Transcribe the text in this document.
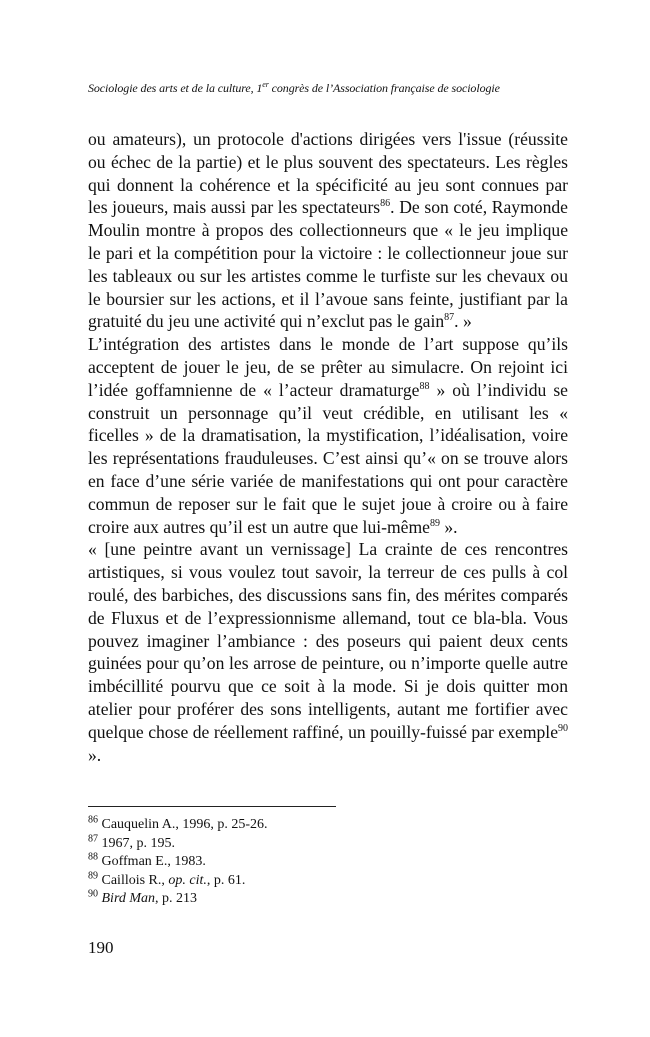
Sociologie des arts et de la culture, 1er congrès de l’Association française de sociologie

ou amateurs), un protocole d'actions dirigées vers l'issue (réussite ou échec de la partie) et le plus souvent des spectateurs. Les règles qui donnent la cohérence et la spécificité au jeu sont connues par les joueurs, mais aussi par les spectateurs$^{86}$. De son coté, Raymonde Moulin montre à propos des collectionneurs que « le jeu implique le pari et la compétition pour la victoire : le collectionneur joue sur les tableaux ou sur les artistes comme le turfiste sur les chevaux ou le boursier sur les actions, et il l’avoue sans feinte, justifiant par la gratuité du jeu une activité qui n’exclut pas le gain$^{87}$. »

L’intégration des artistes dans le monde de l’art suppose qu’ils acceptent de jouer le jeu, de se prêter au simulacre. On rejoint ici l’idée goffamnienne de « l’acteur dramaturge$^{88}$ » où l’individu se construit un personnage qu’il veut crédible, en utilisant les « ficelles » de la dramatisation, la mystification, l’idéalisation, voire les représentations frauduleuses. C’est ainsi qu’« on se trouve alors en face d’une série variée de manifestations qui ont pour caractère commun de reposer sur le fait que le sujet joue à croire ou à faire croire aux autres qu’il est un autre que lui-même$^{89}$ ».

« [une peintre avant un vernissage] La crainte de ces rencontres artistiques, si vous voulez tout savoir, la terreur de ces pulls à col roulé, des barbiches, des discussions sans fin, des mérites comparés de Fluxus et de l’expressionnisme allemand, tout ce bla-bla. Vous pouvez imaginer l’ambiance : des poseurs qui paient deux cents guinées pour qu’on les arrose de peinture, ou n’importe quelle autre imbécillité pourvu que ce soit à la mode. Si je dois quitter mon atelier pour proférer des sons intelligents, autant me fortifier avec quelque chose de réellement raffiné, un pouilly-fuissé par exemple$^{90}$ ».

$^{86}$ Cauquelin A., 1996, p. 25-26.
$^{87}$ 1967, p. 195.
$^{88}$ Goffman E., 1983.
$^{89}$ Caillois R., op. cit., p. 61.
$^{90}$ Bird Man, p. 213
190
